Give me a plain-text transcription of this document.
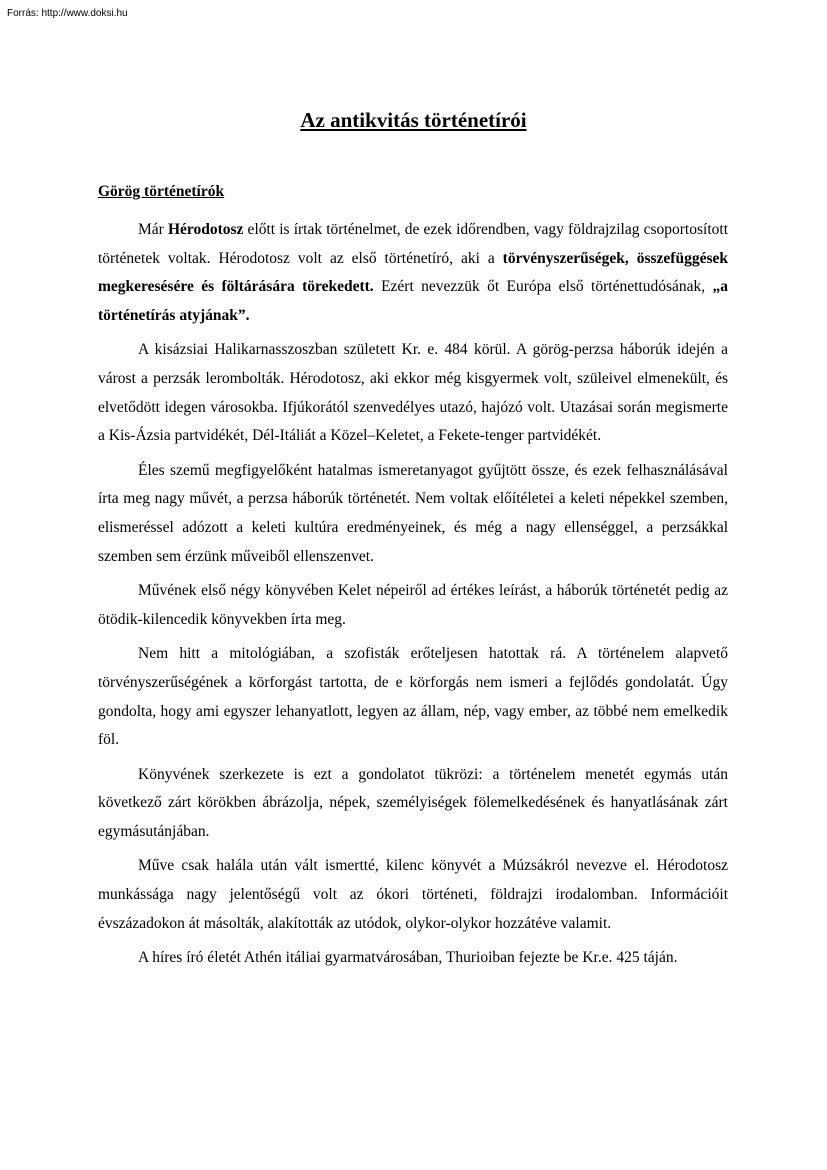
Forrás: http://www.doksi.hu
Az antikvitás történetírói
Görög történetírók

Már Hérodotosz előtt is írtak történelmet, de ezek időrendben, vagy földrajzilag csoportosított történetek voltak. Hérodotosz volt az első történetíró, aki a törvényszerűségek, összefüggések megkeresésére és föltárására törekedett. Ezért nevezzük őt Európa első történettudósának, „a történetírás atyjának”.

A kisázsiai Halikarnasszoszban született Kr. e. 484 körül. A görög-perzsa háborúk idején a várost a perzsák lerombolták. Hérodotosz, aki ekkor még kisgyermek volt, szüleivel elmenekült, és elvetődött idegen városokba. Ifjúkorától szenvedélyes utazó, hajózó volt. Utazásai során megismerte a Kis-Ázsia partvidékét, Dél-Itáliát a Közel–Keletet, a Fekete-tenger partvidékét.

Éles szemű megfigyelőként hatalmas ismeretanyagot gyűjtött össze, és ezek felhasználásával írta meg nagy művét, a perzsa háborúk történetét. Nem voltak előítéletei a keleti népekkel szemben, elismeréssel adózott a keleti kultúra eredményeinek, és még a nagy ellenséggel, a perzsákkal szemben sem érzünk műveiből ellenszenvet.

Művének első négy könyvében Kelet népeiről ad értékes leírást, a háborúk történetét pedig az ötödik-kilencedik könyvekben írta meg.

Nem hitt a mitológiában, a szofisták erőteljesen hatottak rá. A történelem alapvető törvényszerűségének a körforgást tartotta, de e körforgás nem ismeri a fejlődés gondolatát. Úgy gondolta, hogy ami egyszer lehanyatlott, legyen az állam, nép, vagy ember, az többé nem emelkedik föl.

Könyvének szerkezete is ezt a gondolatot tükrözi: a történelem menetét egymás után következő zárt körökben ábrázolja, népek, személyiségek fölemelkedésének és hanyatlásának zárt egymásutánjában.

Műve csak halála után vált ismertté, kilenc könyvét a Múzsákról nevezve el. Hérodotosz munkássága nagy jelentőségű volt az ókori történeti, földrajzi irodalomban. Információit évszázadokon át másolták, alakították az utódok, olykor-olykor hozzátéve valamit.

A híres író életét Athén itáliai gyarmatvárosában, Thurioiban fejezte be Kr.e. 425 táján.
